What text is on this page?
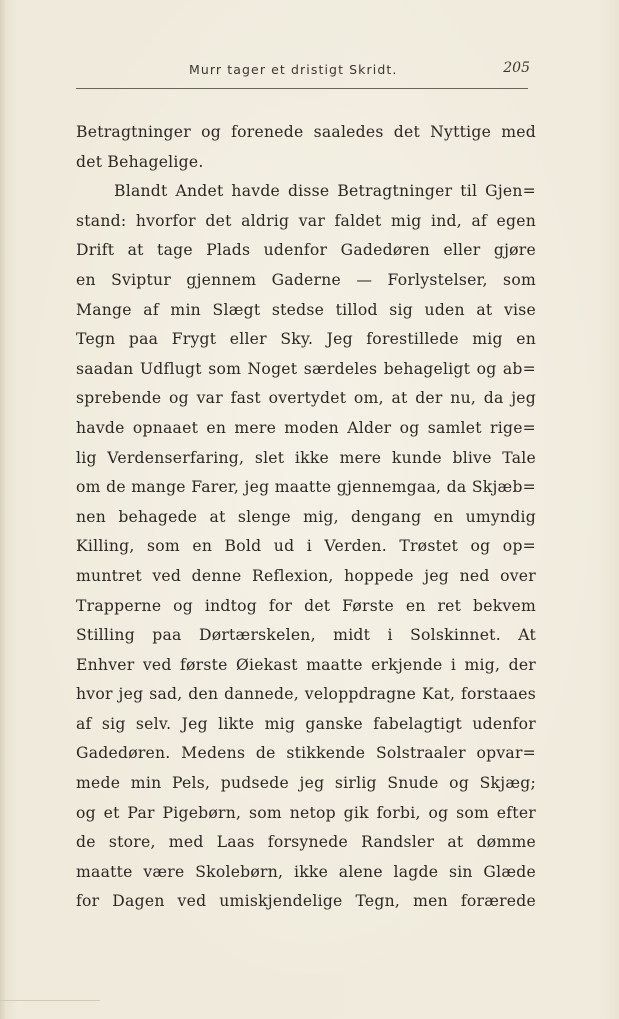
Murr tager et dristigt Skridt.	205
Betragtninger og forenede saaledes det Nyttige med
det Behagelige.
Blandt Andet havde disse Betragtninger til Gjen=
stand: hvorfor det aldrig var faldet mig ind, af egen
Drift at tage Plads udenfor Gadedøren eller gjøre
en Sviptur gjennem Gaderne — Forlystelser, som
Mange af min Slægt stedse tillod sig uden at vise
Tegn paa Frygt eller Sky. Jeg forestillede mig en
saadan Udflugt som Noget særdeles behageligt og ab=
sprebende og var fast overtydet om, at der nu, da jeg
havde opnaaet en mere moden Alder og samlet rige=
lig Verdenserfaring, slet ikke mere kunde blive Tale
om de mange Farer, jeg maatte gjennemgaa, da Skjæb=
nen behagede at slenge mig, dengang en umyndig
Killing, som en Bold ud i Verden. Trøstet og op=
muntret ved denne Reflexion, hoppede jeg ned over
Trapperne og indtog for det Første en ret bekvem
Stilling paa Dørtærskelen, midt i Solskinnet. At
Enhver ved første Øiekast maatte erkjende i mig, der
hvor jeg sad, den dannede, veloppdragne Kat, forstaaes
af sig selv. Jeg likte mig ganske fabelagtigt udenfor
Gadedøren. Medens de stikkende Solstraaler opvar=
mede min Pels, pudsede jeg sirlig Snude og Skjæg;
og et Par Pigebørn, som netop gik forbi, og som efter
de store, med Laas forsynede Randsler at dømme
maatte være Skolebørn, ikke alene lagde sin Glæde
for Dagen ved umiskjendelige Tegn, men forærede
